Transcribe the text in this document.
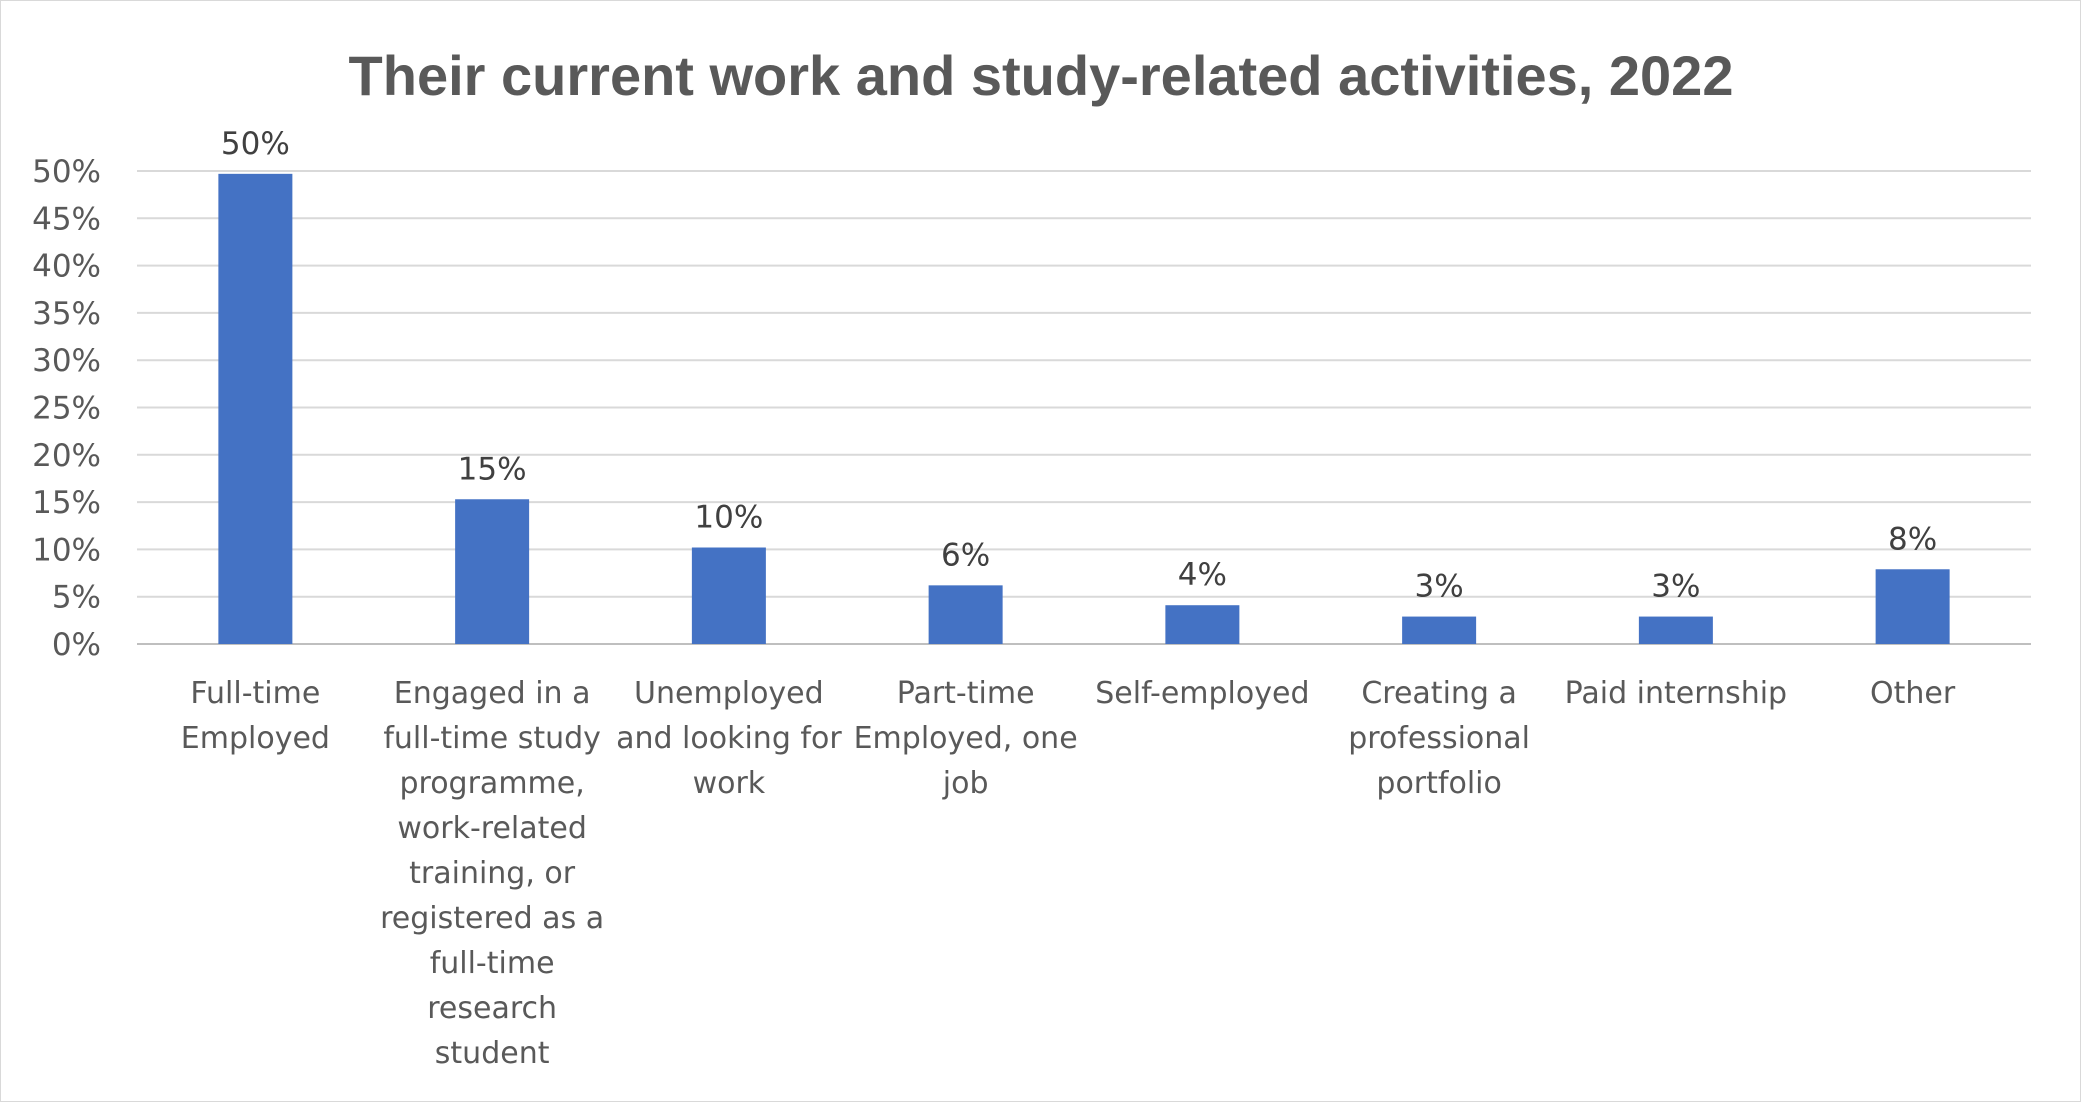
Their current work and study-related activities, 2022
0%
5%
10%
15%
20%
25%
30%
35%
40%
45%
50%
50%
15%
10%
6%
4%	3%	3%
8%
Full-time Employed
Engaged in a full-time study programme, work-related training, or registered as a full-time research student
Unemployed and looking for work
Part-time Employed, one job
Self-employed	Creating a professional portfolio
Paid internship	Other
